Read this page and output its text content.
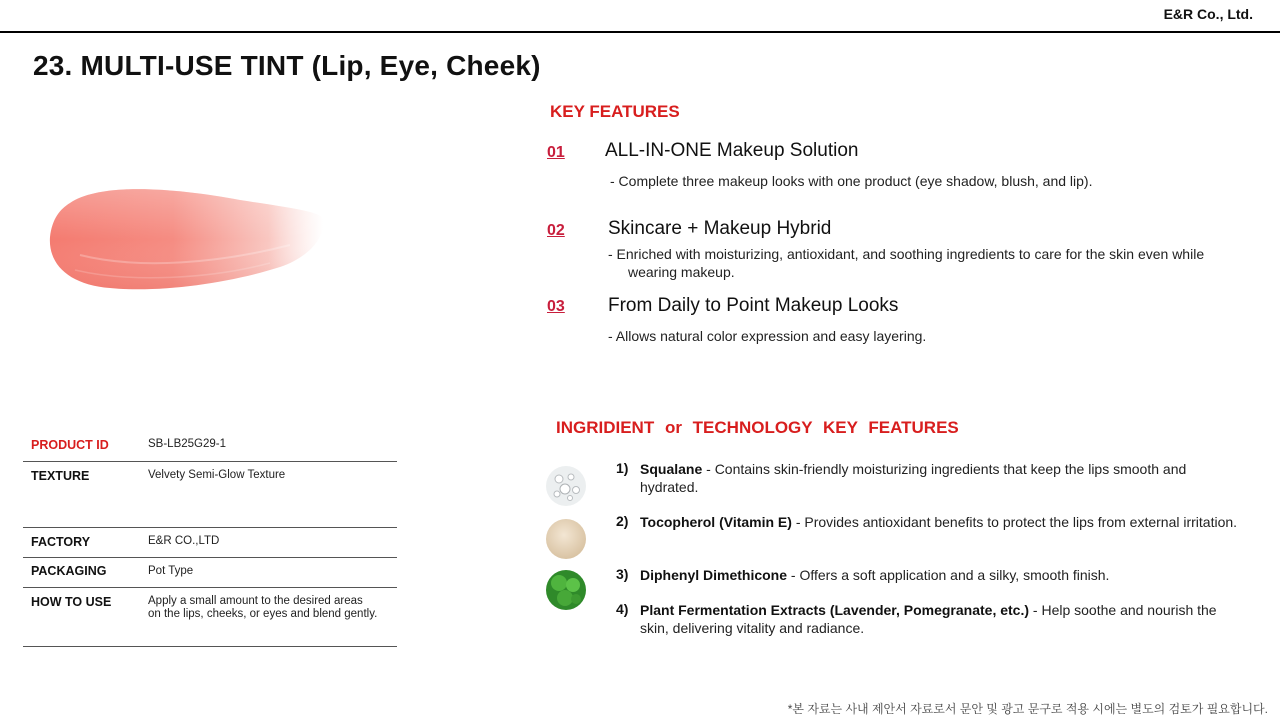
E&R Co., Ltd.
23. MULTI-USE TINT (Lip, Eye, Cheek)
KEY FEATURES
01 ALL-IN-ONE Makeup Solution
- Complete three makeup looks with one product (eye shadow, blush, and lip).
02 Skincare + Makeup Hybrid
- Enriched with moisturizing, antioxidant, and soothing ingredients to care for the skin even while wearing makeup.
03 From Daily to Point Makeup Looks
- Allows natural color expression and easy layering.
INGRIDIENT or TECHNOLOGY KEY FEATURES
1) Squalane - Contains skin-friendly moisturizing ingredients that keep the lips smooth and hydrated.
2) Tocopherol (Vitamin E) - Provides antioxidant benefits to protect the lips from external irritation.
3) Diphenyl Dimethicone - Offers a soft application and a silky, smooth finish.
4) Plant Fermentation Extracts (Lavender, Pomegranate, etc.) - Help soothe and nourish the skin, delivering vitality and radiance.
PRODUCT ID	SB-LB25G29-1
TEXTURE	Velvety Semi-Glow Texture
FACTORY	E&R CO.,LTD
PACKAGING	Pot Type
HOW TO USE	Apply a small amount to the desired areas
on the lips, cheeks, or eyes and blend gently.
*본 자료는 사내 제안서 자료로서 문안 및 광고 문구로 적용 시에는 별도의 검토가 필요합니다.
